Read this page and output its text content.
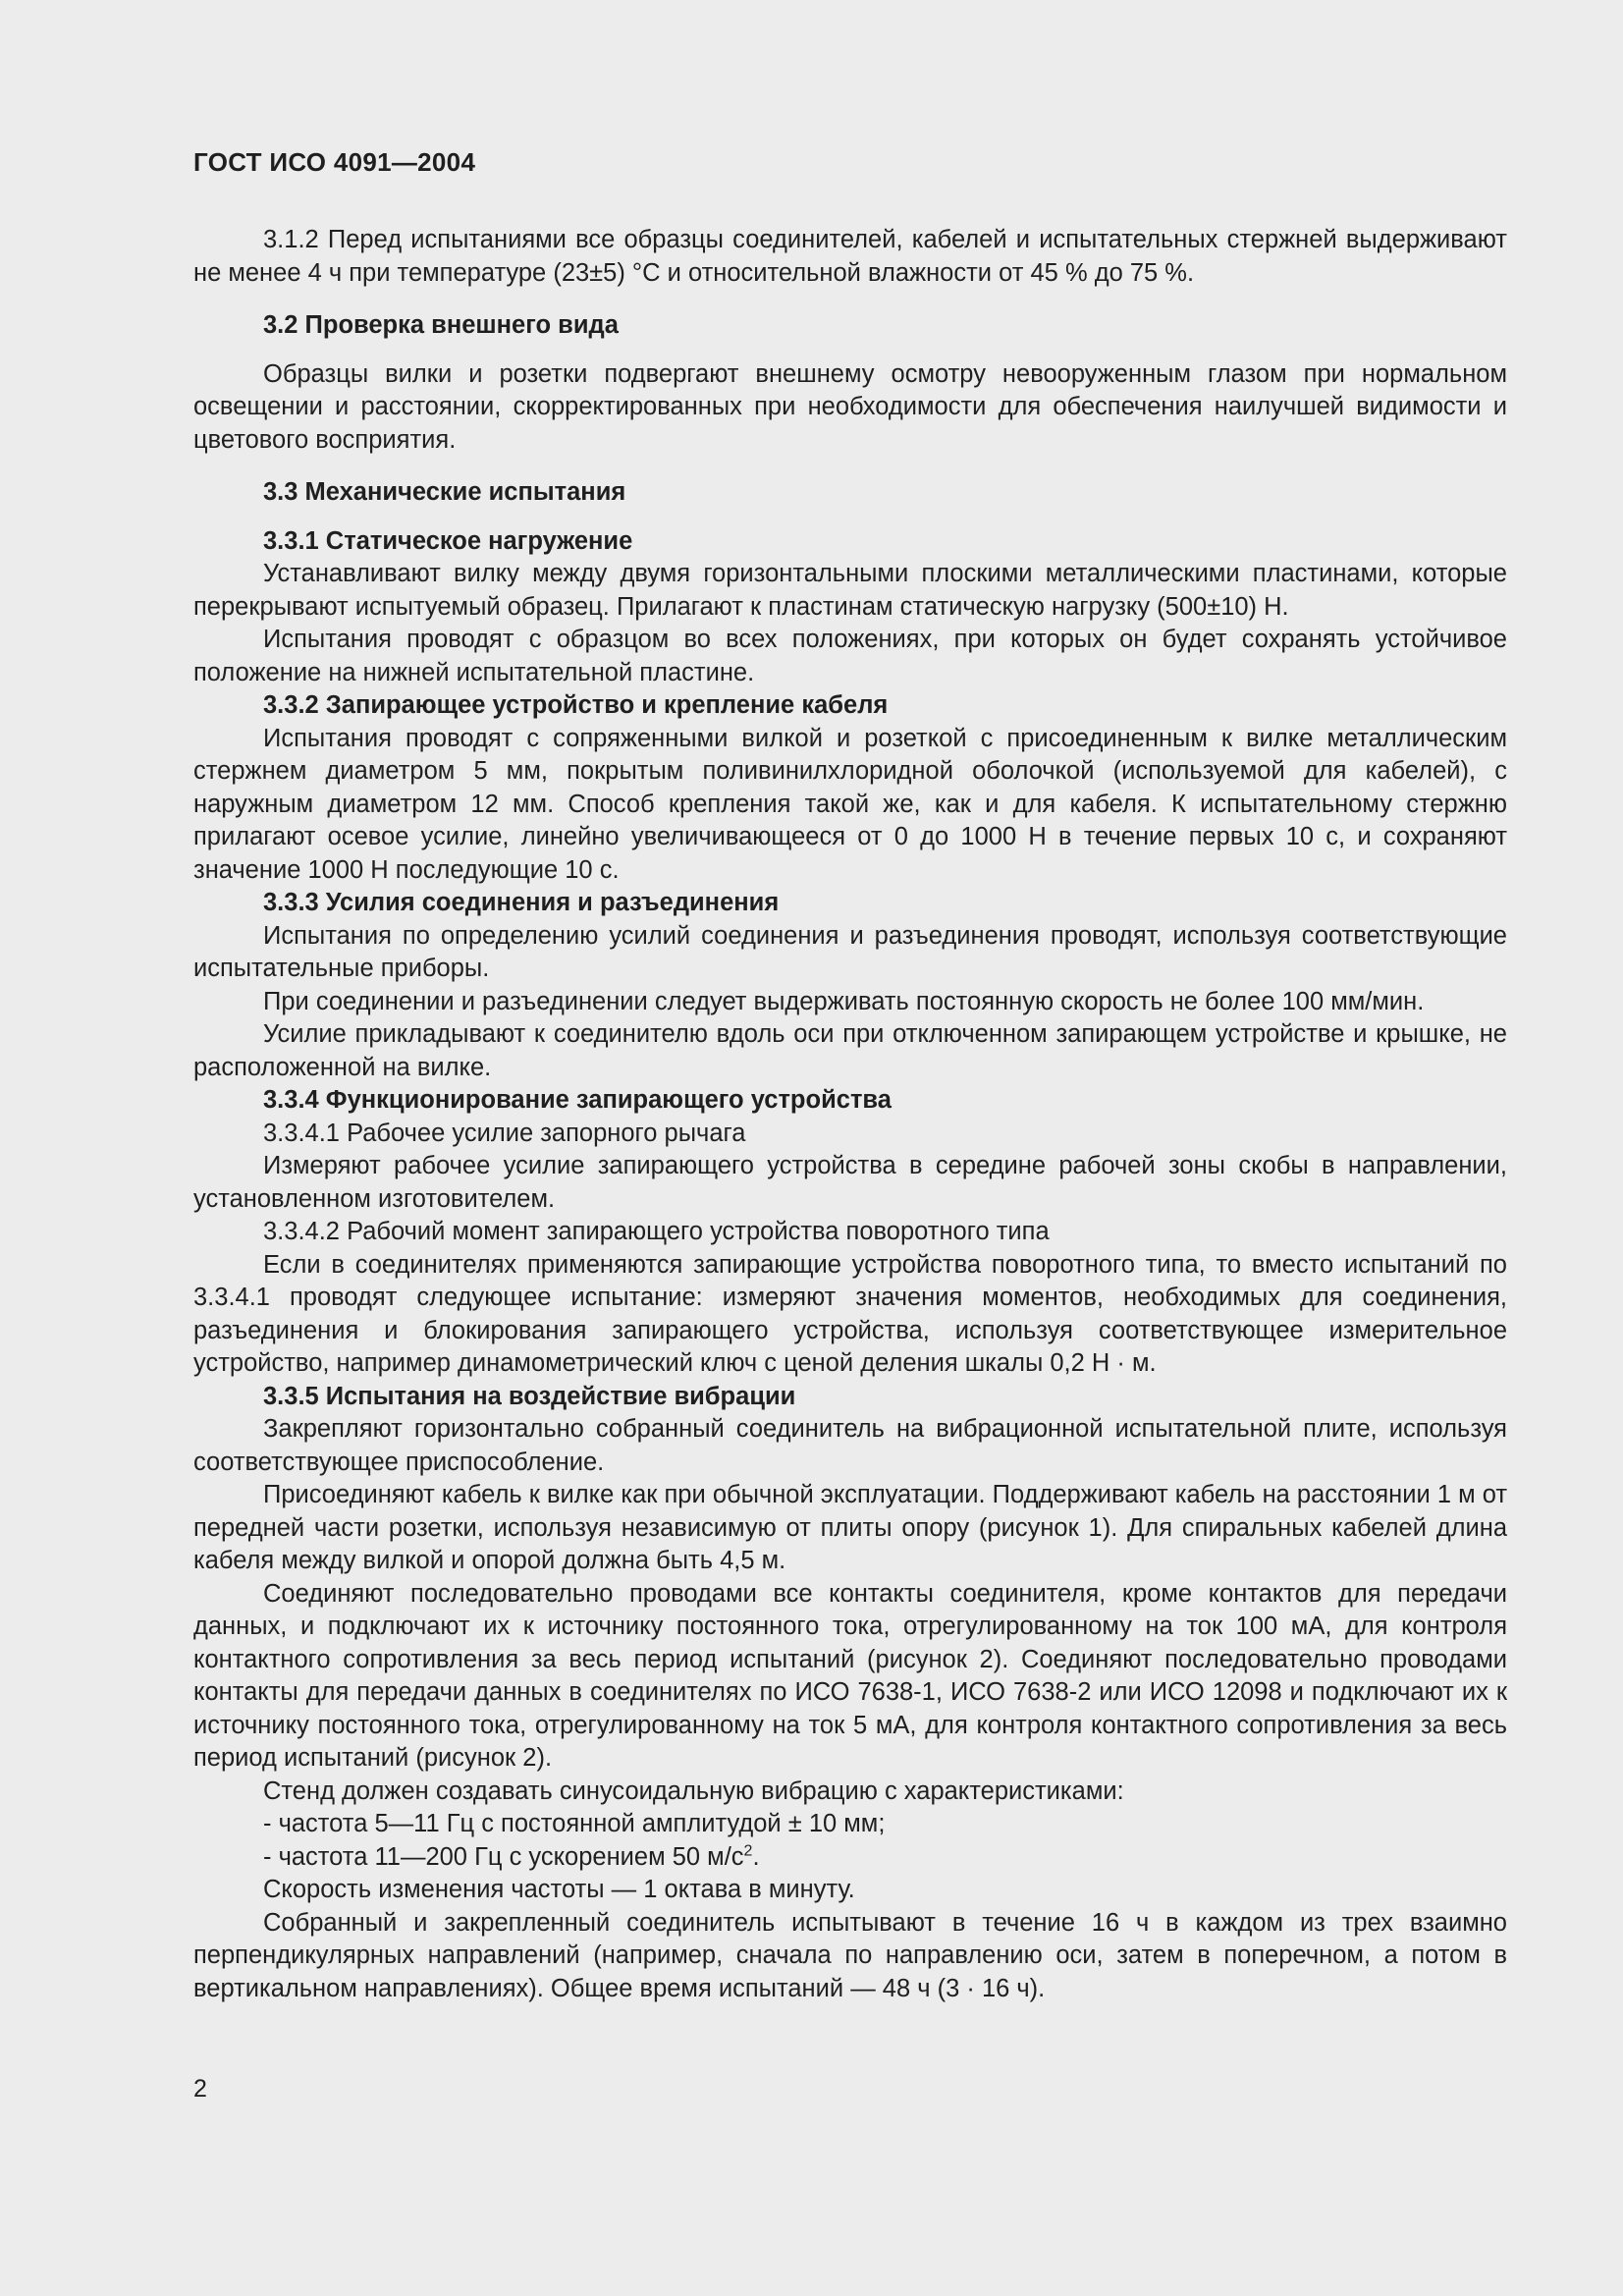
ГОСТ ИСО 4091—2004
3.1.2 Перед испытаниями все образцы соединителей, кабелей и испытательных стержней выдерживают не менее 4 ч при температуре (23±5) °С и относительной влажности от 45 % до 75 %.
3.2 Проверка внешнего вида
Образцы вилки и розетки подвергают внешнему осмотру невооруженным глазом при нормальном освещении и расстоянии, скорректированных при необходимости для обеспечения наилучшей видимости и цветового восприятия.
3.3 Механические испытания
3.3.1 Статическое нагружение
Устанавливают вилку между двумя горизонтальными плоскими металлическими пластинами, которые перекрывают испытуемый образец. Прилагают к пластинам статическую нагрузку (500±10) Н.
Испытания проводят с образцом во всех положениях, при которых он будет сохранять устойчивое положение на нижней испытательной пластине.
3.3.2 Запирающее устройство и крепление кабеля
Испытания проводят с сопряженными вилкой и розеткой с присоединенным к вилке металлическим стержнем диаметром 5 мм, покрытым поливинилхлоридной оболочкой (используемой для кабелей), с наружным диаметром 12 мм. Способ крепления такой же, как и для кабеля. К испытательному стержню прилагают осевое усилие, линейно увеличивающееся от 0 до 1000 Н в течение первых 10 с, и сохраняют значение 1000 Н последующие 10 с.
3.3.3 Усилия соединения и разъединения
Испытания по определению усилий соединения и разъединения проводят, используя соответствующие испытательные приборы.
При соединении и разъединении следует выдерживать постоянную скорость не более 100 мм/мин.
Усилие прикладывают к соединителю вдоль оси при отключенном запирающем устройстве и крышке, не расположенной на вилке.
3.3.4 Функционирование запирающего устройства
3.3.4.1 Рабочее усилие запорного рычага
Измеряют рабочее усилие запирающего устройства в середине рабочей зоны скобы в направлении, установленном изготовителем.
3.3.4.2 Рабочий момент запирающего устройства поворотного типа
Если в соединителях применяются запирающие устройства поворотного типа, то вместо испытаний по 3.3.4.1 проводят следующее испытание: измеряют значения моментов, необходимых для соединения, разъединения и блокирования запирающего устройства, используя соответствующее измерительное устройство, например динамометрический ключ с ценой деления шкалы 0,2 Н · м.
3.3.5 Испытания на воздействие вибрации
Закрепляют горизонтально собранный соединитель на вибрационной испытательной плите, используя соответствующее приспособление.
Присоединяют кабель к вилке как при обычной эксплуатации. Поддерживают кабель на расстоянии 1 м от передней части розетки, используя независимую от плиты опору (рисунок 1). Для спиральных кабелей длина кабеля между вилкой и опорой должна быть 4,5 м.
Соединяют последовательно проводами все контакты соединителя, кроме контактов для передачи данных, и подключают их к источнику постоянного тока, отрегулированному на ток 100 мА, для контроля контактного сопротивления за весь период испытаний (рисунок 2). Соединяют последовательно проводами контакты для передачи данных в соединителях по ИСО 7638-1, ИСО 7638-2 или ИСО 12098 и подключают их к источнику постоянного тока, отрегулированному на ток 5 мА, для контроля контактного сопротивления за весь период испытаний (рисунок 2).
Стенд должен создавать синусоидальную вибрацию с характеристиками:
- частота 5—11 Гц с постоянной амплитудой ± 10 мм;
- частота 11—200 Гц с ускорением 50 $м/с^2$.
Скорость изменения частоты — 1 октава в минуту.
Собранный и закрепленный соединитель испытывают в течение 16 ч в каждом из трех взаимно перпендикулярных направлений (например, сначала по направлению оси, затем в поперечном, а потом в вертикальном направлениях). Общее время испытаний — 48 ч (3 · 16 ч).
2
